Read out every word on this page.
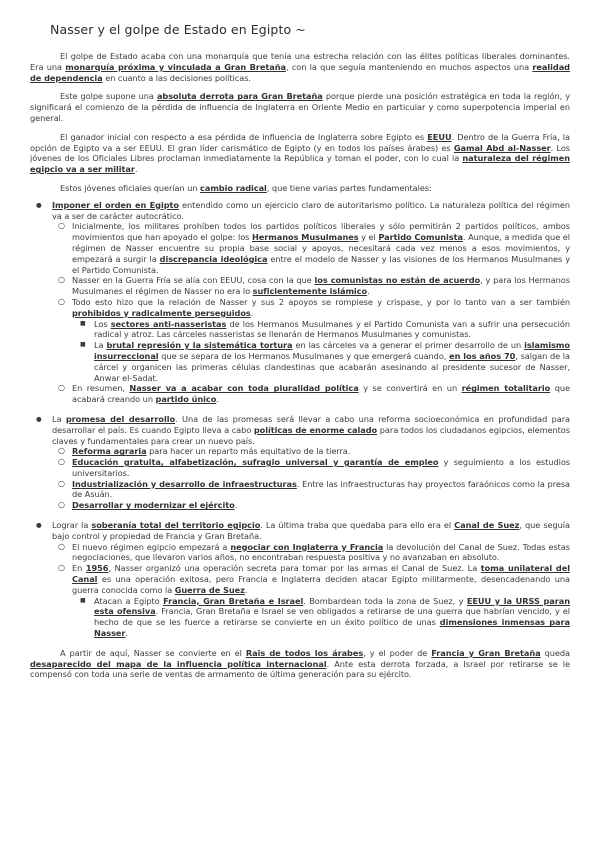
Nasser y el golpe de Estado en Egipto ~

El golpe de Estado acaba con una monarquía que tenía una estrecha relación con las élites políticas liberales dominantes. Era una monarquía próxima y vinculada a Gran Bretaña, con la que seguía manteniendo en muchos aspectos una realidad de dependencia en cuanto a las decisiones políticas.

Este golpe supone una absoluta derrota para Gran Bretaña porque pierde una posición estratégica en toda la región, y significará el comienzo de la pérdida de influencia de Inglaterra en Oriente Medio en particular y como superpotencia imperial en general.

El ganador inicial con respecto a esa pérdida de influencia de Inglaterra sobre Egipto es EEUU. Dentro de la Guerra Fría, la opción de Egipto va a ser EEUU. El gran líder carismático de Egipto (y en todos los países árabes) es Gamal Abd al-Nasser. Los jóvenes de los Oficiales Libres proclaman inmediatamente la República y toman el poder, con lo cual la naturaleza del régimen egipcio va a ser militar.

Estos jóvenes oficiales querían un cambio radical, que tiene varias partes fundamentales:

● Imponer el orden en Egipto entendido como un ejercicio claro de autoritarismo político. La naturaleza política del régimen va a ser de carácter autocrático.
○ Inicialmente, los militares prohíben todos los partidos políticos liberales y sólo permitirán 2 partidos políticos, ambos movimientos que han apoyado el golpe: los Hermanos Musulmanes y el Partido Comunista. Aunque, a medida que el régimen de Nasser encuentre su propia base social y apoyos, necesitará cada vez menos a esos movimientos, y empezará a surgir la discrepancia ideológica entre el modelo de Nasser y las visiones de los Hermanos Musulmanes y el Partido Comunista.
○ Nasser en la Guerra Fría se alía con EEUU, cosa con la que los comunistas no están de acuerdo, y para los Hermanos Musulmanes el régimen de Nasser no era lo suficientemente islámico.
○ Todo esto hizo que la relación de Nasser y sus 2 apoyos se rompiese y crispase, y por lo tanto van a ser también prohibidos y radicalmente perseguidos.
■ Los sectores anti-nasseristas de los Hermanos Musulmanes y el Partido Comunista van a sufrir una persecución radical y atroz. Las cárceles nasseristas se llenarán de Hermanos Musulmanes y comunistas.
■ La brutal represión y la sistemática tortura en las cárceles va a generar el primer desarrollo de un islamismo insurreccional que se separa de los Hermanos Musulmanes y que emergerá cuando, en los años 70, salgan de la cárcel y organicen las primeras células clandestinas que acabarán asesinando al presidente sucesor de Nasser, Anwar el-Sadat.
○ En resumen, Nasser va a acabar con toda pluralidad política y se convertirá en un régimen totalitario que acabará creando un partido único.
● La promesa del desarrollo. Una de las promesas será llevar a cabo una reforma socioeconómica en profundidad para desarrollar el país. Es cuando Egipto lleva a cabo políticas de enorme calado para todos los ciudadanos egipcios, elementos claves y fundamentales para crear un nuevo país.
○ Reforma agraria para hacer un reparto más equitativo de la tierra.
○ Educación gratuita, alfabetización, sufragio universal y garantía de empleo y seguimiento a los estudios universitarios.
○ Industrialización y desarrollo de infraestructuras. Entre las infraestructuras hay proyectos faraónicos como la presa de Asuán.
○ Desarrollar y modernizar el ejército.
● Lograr la soberanía total del territorio egipcio. La última traba que quedaba para ello era el Canal de Suez, que seguía bajo control y propiedad de Francia y Gran Bretaña.
○ El nuevo régimen egipcio empezará a negociar con Inglaterra y Francia la devolución del Canal de Suez. Todas estas negociaciones, que llevaron varios años, no encontraban respuesta positiva y no avanzaban en absoluto.
○ En 1956, Nasser organizó una operación secreta para tomar por las armas el Canal de Suez. La toma unilateral del Canal es una operación exitosa, pero Francia e Inglaterra deciden atacar Egipto militarmente, desencadenando una guerra conocida como la Guerra de Suez.
■ Atacan a Egipto Francia, Gran Bretaña e Israel. Bombardean toda la zona de Suez, y EEUU y la URSS paran esta ofensiva. Francia, Gran Bretaña e Israel se ven obligados a retirarse de una guerra que habrían vencido, y el hecho de que se les fuerce a retirarse se convierte en un éxito político de unas dimensiones inmensas para Nasser.

A partir de aquí, Nasser se convierte en el Raïs de todos los árabes, y el poder de Francia y Gran Bretaña queda desaparecido del mapa de la influencia política internacional. Ante esta derrota forzada, a Israel por retirarse se le compensó con toda una serie de ventas de armamento de última generación para su ejército.
